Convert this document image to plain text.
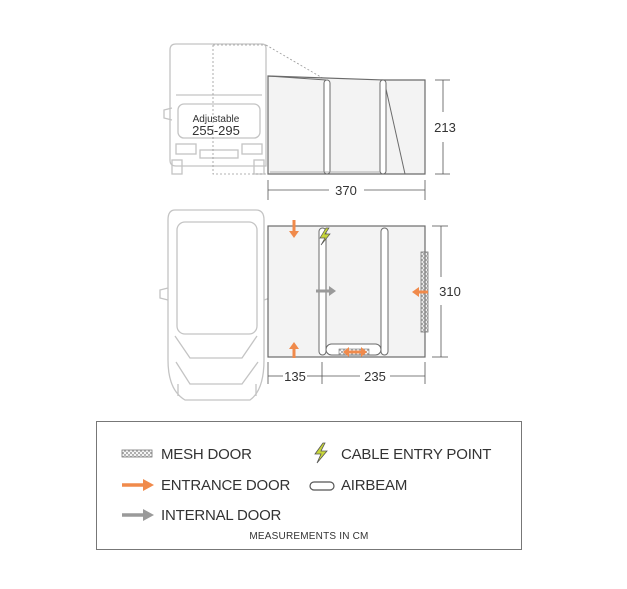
Adjustable
255-295	213
370
310
135	235
MESH DOOR	CABLE ENTRY POINT
ENTRANCE DOOR	AIRBEAM
INTERNAL DOOR
MEASUREMENTS IN CM
